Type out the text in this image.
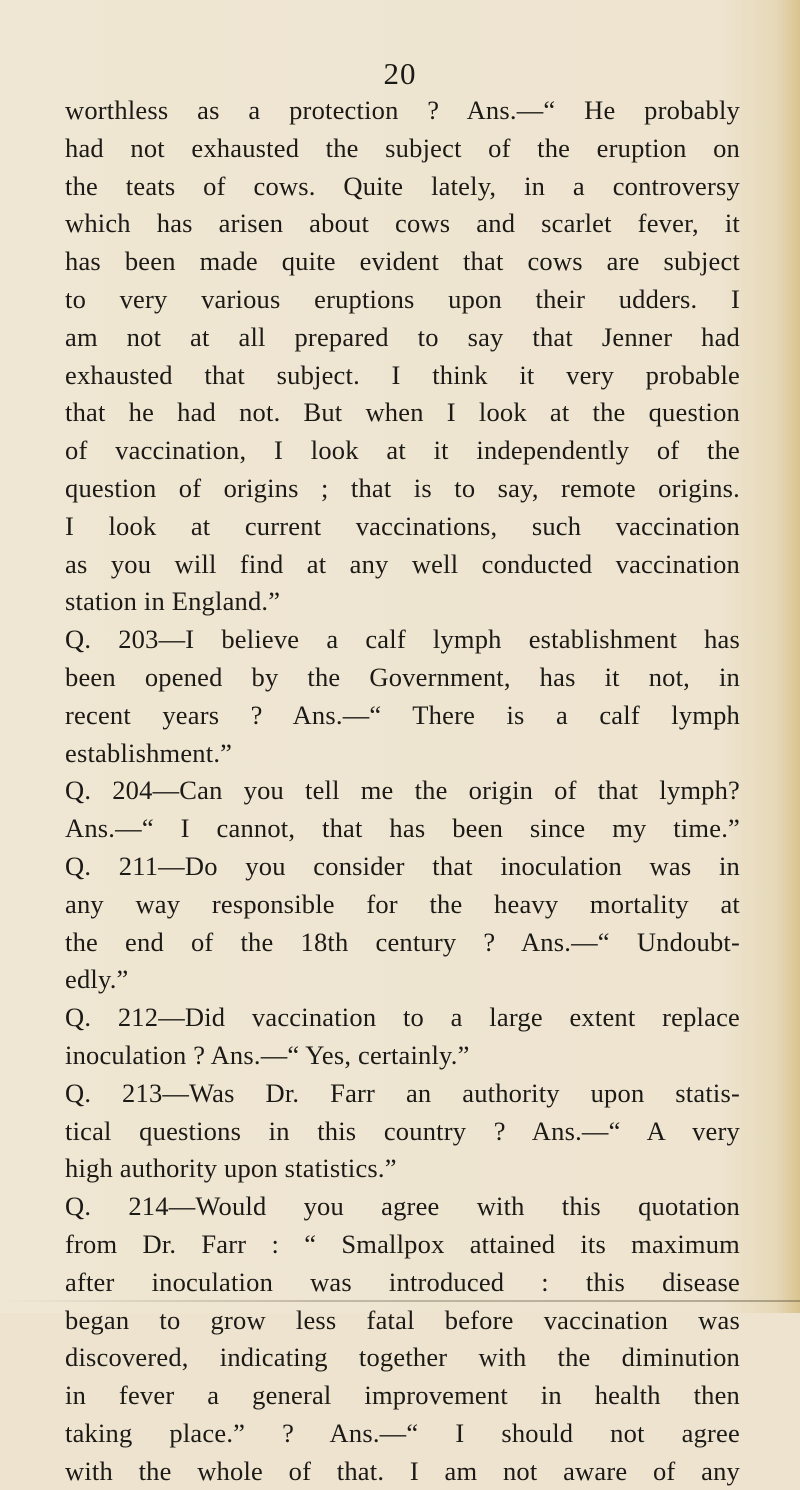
20
worthless as a protection ? Ans.—“ He probably
had not exhausted the subject of the eruption on
the teats of cows. Quite lately, in a controversy
which has arisen about cows and scarlet fever, it
has been made quite evident that cows are subject
to very various eruptions upon their udders. I
am not at all prepared to say that Jenner had
exhausted that subject. I think it very probable
that he had not. But when I look at the question
of vaccination, I look at it independently of the
question of origins ; that is to say, remote origins.
I look at current vaccinations, such vaccination
as you will find at any well conducted vaccination
station in England.”
Q. 203—I believe a calf lymph establishment has
been opened by the Government, has it not, in
recent years ? Ans.—“ There is a calf lymph
establishment.”
Q. 204—Can you tell me the origin of that lymph?
Ans.—“ I cannot, that has been since my time.”
Q. 211—Do you consider that inoculation was in
any way responsible for the heavy mortality at
the end of the 18th century ? Ans.—“ Undoubt-
edly.”
Q. 212—Did vaccination to a large extent replace
inoculation ? Ans.—“ Yes, certainly.”
Q. 213—Was Dr. Farr an authority upon statis-
tical questions in this country ? Ans.—“ A very
high authority upon statistics.”
Q. 214—Would you agree with this quotation
from Dr. Farr : “ Smallpox attained its maximum
after inoculation was introduced : this disease
began to grow less fatal before vaccination was
discovered, indicating together with the diminution
in fever a general improvement in health then
taking place.” ? Ans.—“ I should not agree
with the whole of that. I am not aware of any
